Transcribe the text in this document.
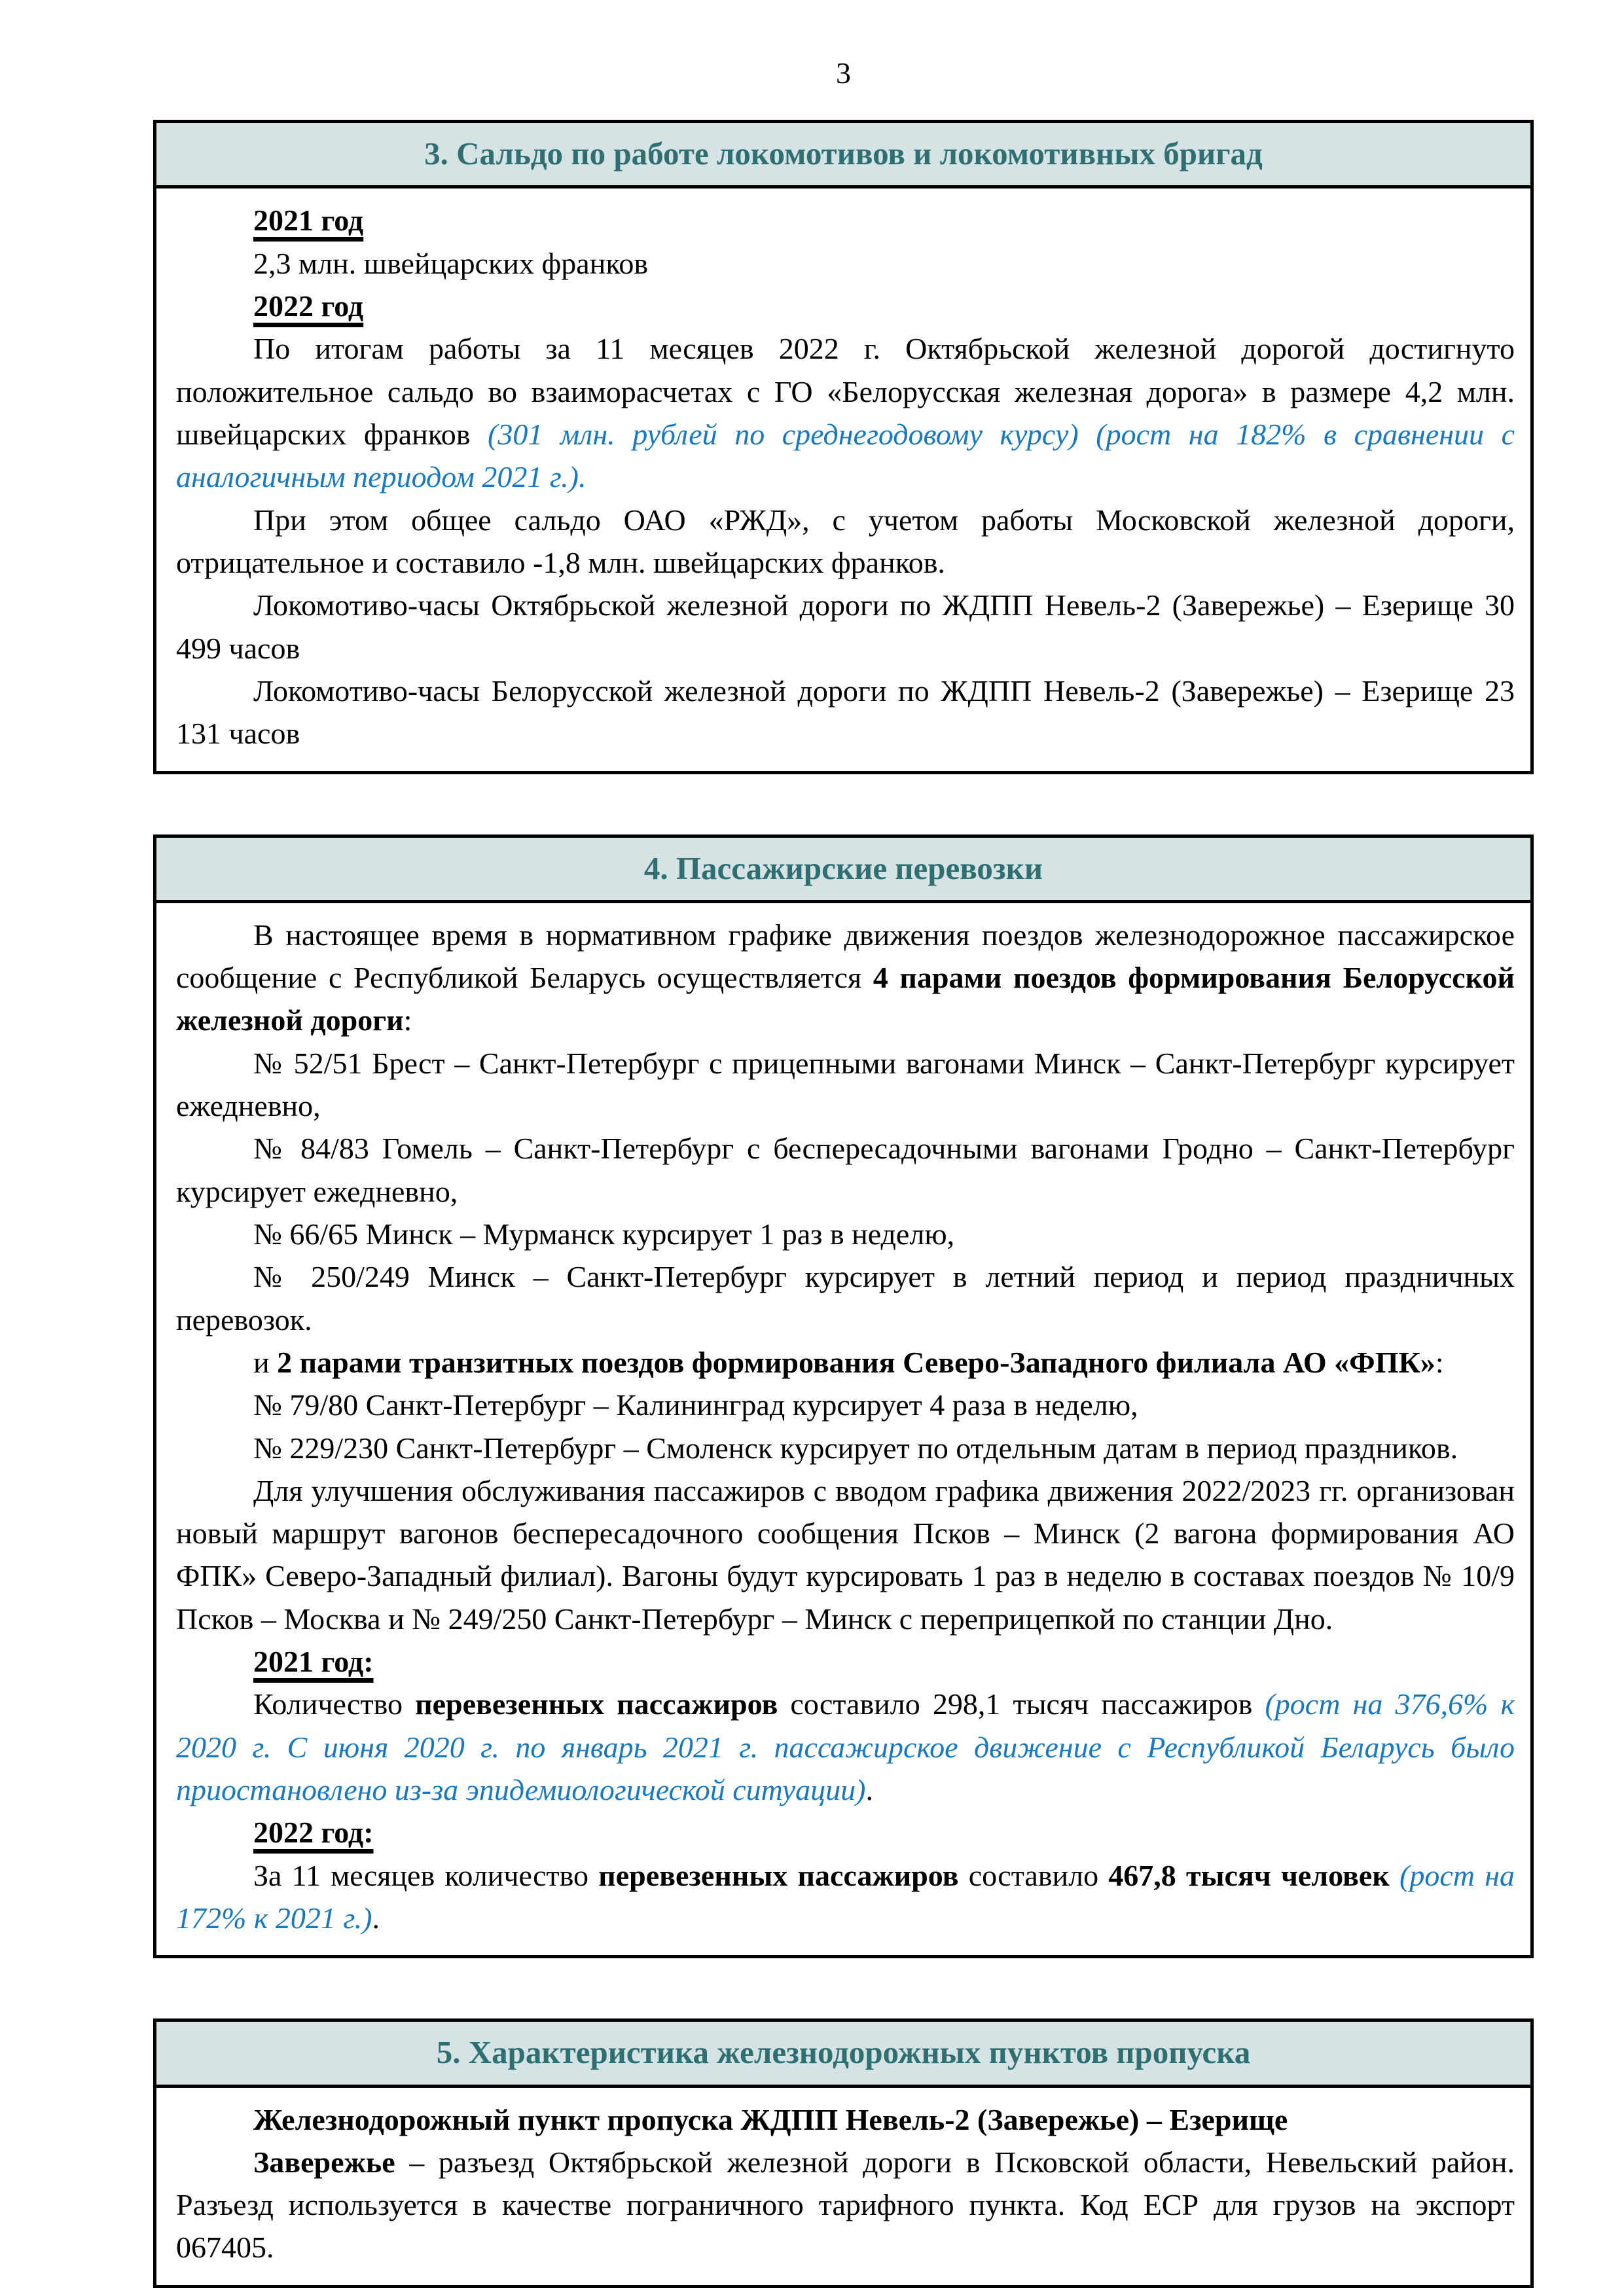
3

3. Сальдо по работе локомотивов и локомотивных бригад

2021 год

2,3 млн. швейцарских франков

2022 год

По итогам работы за 11 месяцев 2022 г. Октябрьской железной дорогой достигнуто положительное сальдо во взаиморасчетах с ГО «Белорусская железная дорога» в размере 4,2 млн. швейцарских франков (301 млн. рублей по среднегодовому курсу) (рост на 182% в сравнении с аналогичным периодом 2021 г.).

При этом общее сальдо ОАО «РЖД», с учетом работы Московской железной дороги, отрицательное и составило -1,8 млн. швейцарских франков.

Локомотиво-часы Октябрьской железной дороги по ЖДПП Невель-2 (Завережье) – Езерище 30 499 часов

Локомотиво-часы Белорусской железной дороги по ЖДПП Невель-2 (Завережье) – Езерище 23 131 часов

4. Пассажирские перевозки

В настоящее время в нормативном графике движения поездов железнодорожное пассажирское сообщение с Республикой Беларусь осуществляется 4 парами поездов формирования Белорусской железной дороги:

№ 52/51 Брест – Санкт-Петербург с прицепными вагонами Минск – Санкт-Петербург курсирует ежедневно,

№ 84/83 Гомель – Санкт-Петербург с беспересадочными вагонами Гродно – Санкт-Петербург курсирует ежедневно,

№ 66/65 Минск – Мурманск курсирует 1 раз в неделю,

№ 250/249 Минск – Санкт-Петербург курсирует в летний период и период праздничных перевозок.

и 2 парами транзитных поездов формирования Северо-Западного филиала АО «ФПК»:

№ 79/80 Санкт-Петербург – Калининград курсирует 4 раза в неделю,

№ 229/230 Санкт-Петербург – Смоленск курсирует по отдельным датам в период праздников.

Для улучшения обслуживания пассажиров с вводом графика движения 2022/2023 гг. организован новый маршрут вагонов беспересадочного сообщения Псков – Минск (2 вагона формирования АО ФПК» Северо-Западный филиал). Вагоны будут курсировать 1 раз в неделю в составах поездов № 10/9 Псков – Москва и № 249/250 Санкт-Петербург – Минск с переприцепкой по станции Дно.

2021 год:

Количество перевезенных пассажиров составило 298,1 тысяч пассажиров (рост на 376,6% к 2020 г. С июня 2020 г. по январь 2021 г. пассажирское движение с Республикой Беларусь было приостановлено из-за эпидемиологической ситуации).

2022 год:

За 11 месяцев количество перевезенных пассажиров составило 467,8 тысяч человек (рост на 172% к 2021 г.).

5. Характеристика железнодорожных пунктов пропуска

Железнодорожный пункт пропуска ЖДПП Невель-2 (Завережье) – Езерище

Завережье – разъезд Октябрьской железной дороги в Псковской области, Невельский район. Разъезд используется в качестве пограничного тарифного пункта. Код ЕСР для грузов на экспорт 067405.
